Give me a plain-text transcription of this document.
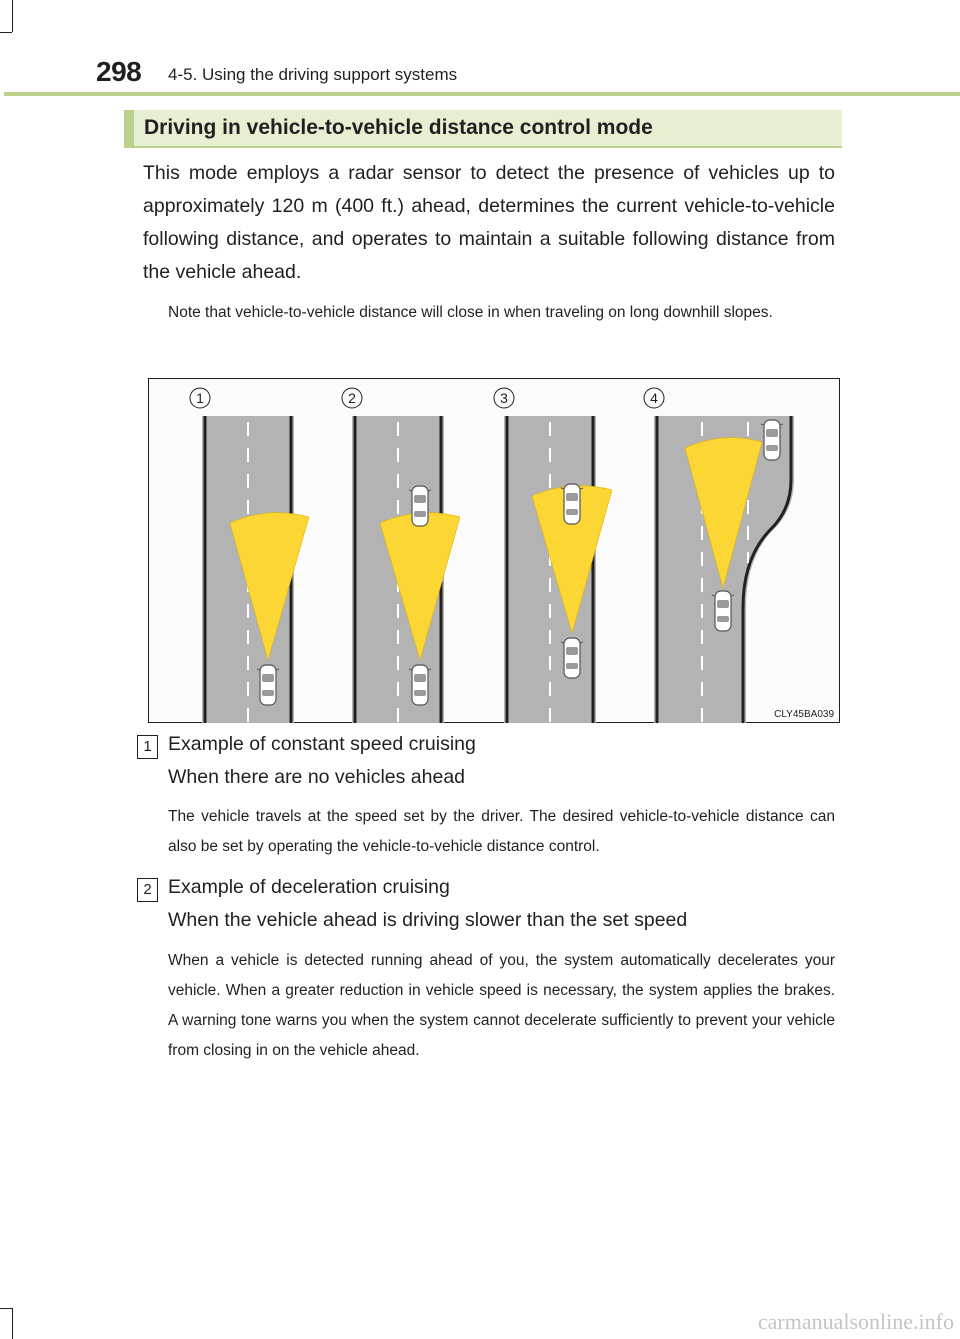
298 4-5. Using the driving support systems
Driving in vehicle-to-vehicle distance control mode

This mode employs a radar sensor to detect the presence of vehicles up to approximately 120 m (400 ft.) ahead, determines the current vehicle-to-vehicle following distance, and operates to maintain a suitable following distance from the vehicle ahead.

Note that vehicle-to-vehicle distance will close in when traveling on long downhill slopes.

1	2	3	4
CLY45BA039
1 Example of constant speed cruising
When there are no vehicles ahead

The vehicle travels at the speed set by the driver. The desired vehicle-to-vehicle distance can also be set by operating the vehicle-to-vehicle distance control.

2 Example of deceleration cruising
When the vehicle ahead is driving slower than the set speed

When a vehicle is detected running ahead of you, the system automatically decelerates your vehicle. When a greater reduction in vehicle speed is necessary, the system applies the brakes. A warning tone warns you when the system cannot decelerate sufficiently to prevent your vehicle from closing in on the vehicle ahead.

carmanualsonline.info
